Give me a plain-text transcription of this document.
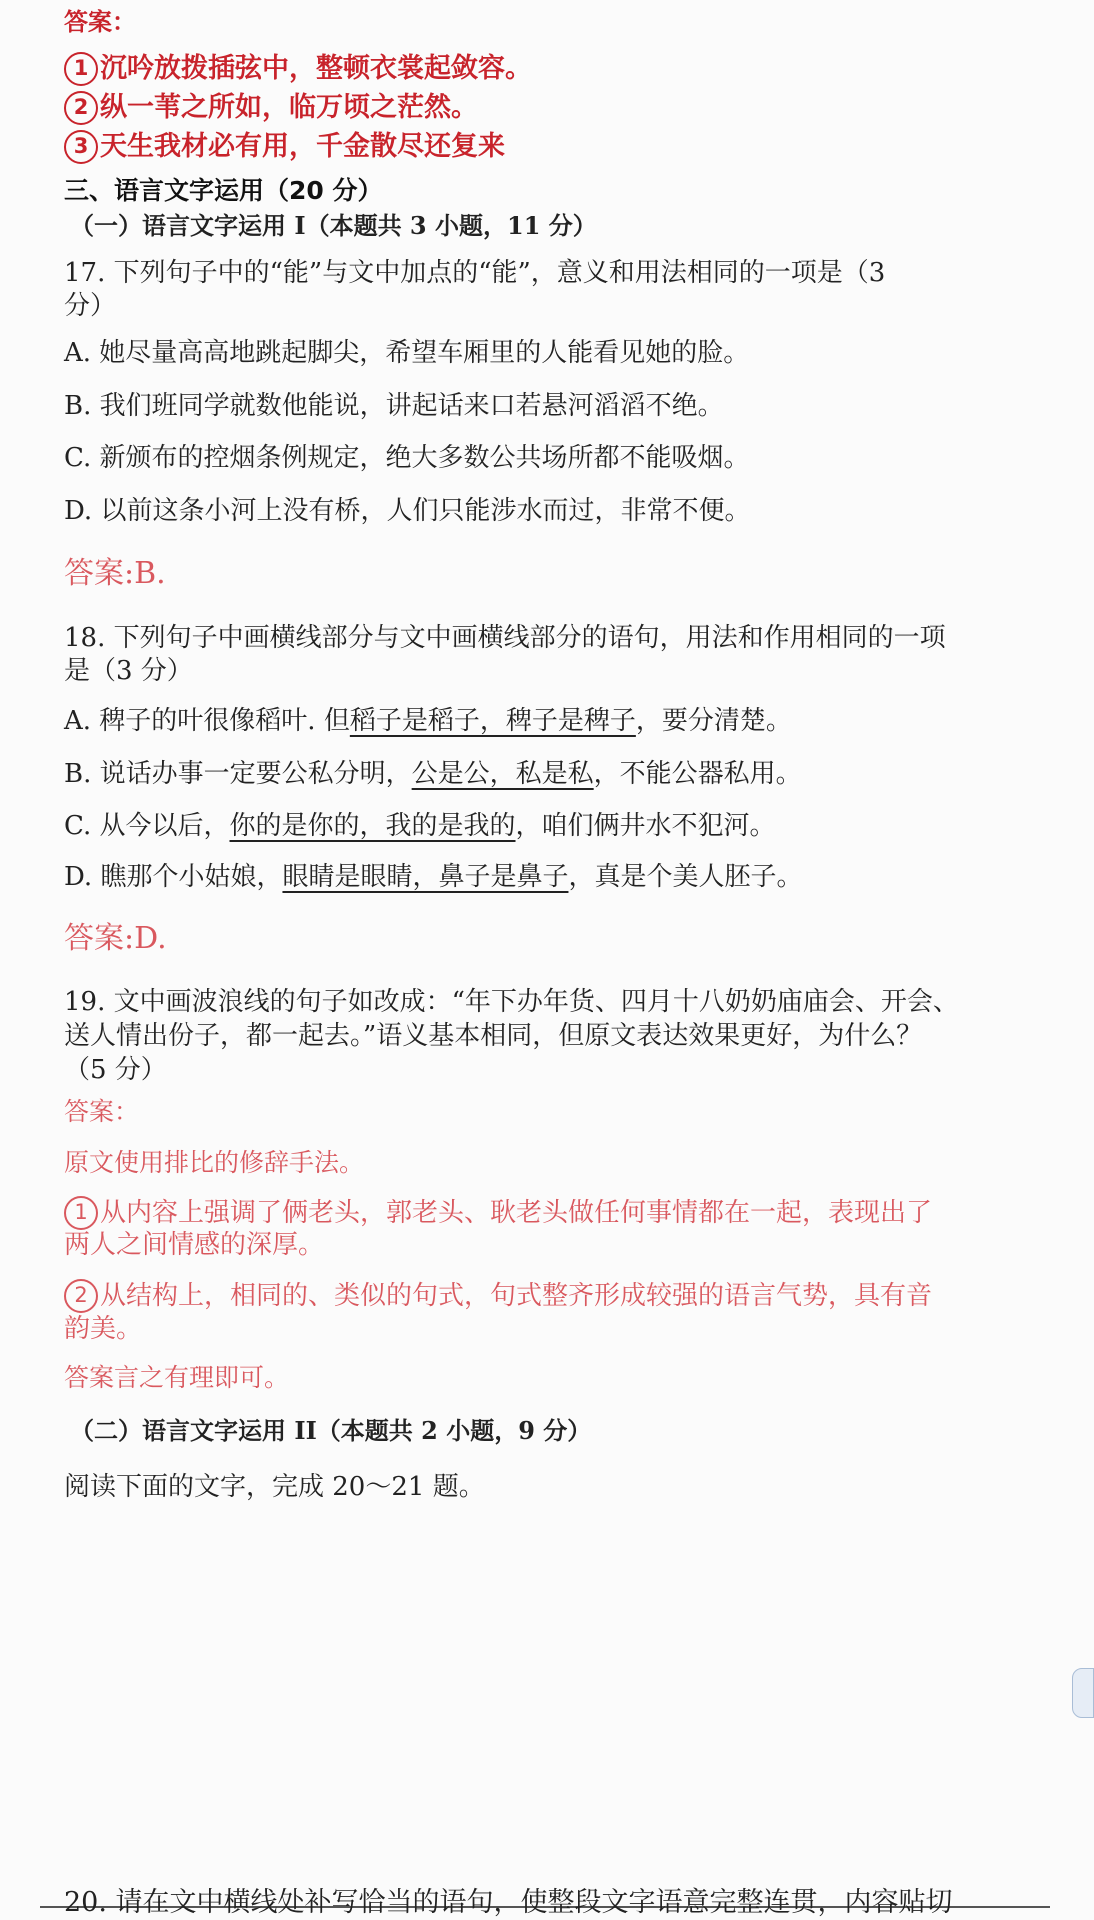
答案：
1 沉吟放拨插弦中，整顿衣裳起敛容。
2 纵一苇之所如，临万顷之茫然。
3 天生我材必有用，千金散尽还复来
三、语言文字运用（20 分）
（一）语言文字运用 I（本题共 3 小题，11 分）
17. 下列句子中的“能”与文中加点的“能”，意义和用法相同的一项是（3
分）
A. 她尽量高高地跳起脚尖，希望车厢里的人能看见她的脸。
B. 我们班同学就数他能说，讲起话来口若悬河滔滔不绝。
C. 新颁布的控烟条例规定，绝大多数公共场所都不能吸烟。
D. 以前这条小河上没有桥，人们只能涉水而过，非常不便。
答案:B.
18. 下列句子中画横线部分与文中画横线部分的语句，用法和作用相同的一项
是（3 分）
A. 稗子的叶很像稻叶. 但稻子是稻子，稗子是稗子，要分清楚。
B. 说话办事一定要公私分明，公是公，私是私，不能公器私用。
C. 从今以后，你的是你的，我的是我的，咱们俩井水不犯河。
D. 瞧那个小姑娘，眼睛是眼睛，鼻子是鼻子，真是个美人胚子。
答案:D.
19. 文中画波浪线的句子如改成：“年下办年货、四月十八奶奶庙庙会、开会、
送人情出份子，都一起去。”语义基本相同，但原文表达效果更好，为什么？
（5 分）
答案：
原文使用排比的修辞手法。
1 从内容上强调了俩老头，郭老头、耿老头做任何事情都在一起，表现出了
两人之间情感的深厚。
2 从结构上，相同的、类似的句式，句式整齐形成较强的语言气势，具有音
韵美。
答案言之有理即可。
（二）语言文字运用 II（本题共 2 小题，9 分）
阅读下面的文字，完成 20～21 题。
20. 请在文中横线处补写恰当的语句，使整段文字语意完整连贯，内容贴切
